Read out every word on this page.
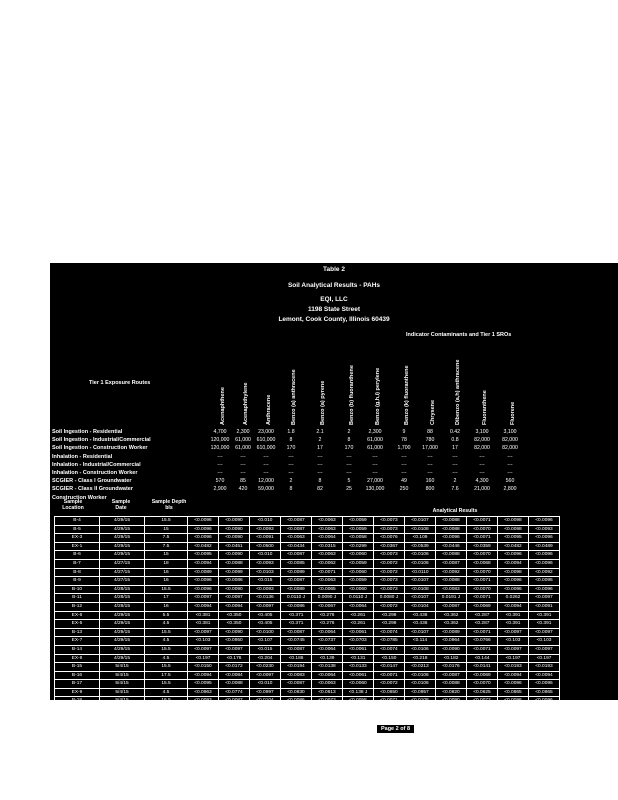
Table 2
Soil Analytical Results - PAHs
EQI, LLC
1198 State Street
Lemont, Cook County, Illinois 60439
Indicator Contaminants and Tier 1 SROs
Tier 1 Exposure Routes
Acenaphthene	Acenaphthylene	Anthracene	Benzo (a) anthracene	Benzo (a) pyrene	Benzo (b) fluoranthene	Benzo (g,h,i) perylene	Benzo (k) fluoranthene	Chrysene	Dibenzo (a,h) anthracene	Fluoranthene	Fluorene
Soil Ingestion - Residential	4,700	2,300	23,000	1.8	2.1	2	2,300	9	88	0.42	3,100	3,100
Soil Ingestion - Industrial/Commercial	120,000	61,000	610,000	8	2	8	61,000	78	780	0.8	82,000	82,000
Soil Ingestion - Construction Worker	120,000	61,000	610,000	170	17	170	61,000	1,700	17,000	17	82,000	82,000
Inhalation - Residential	---	---	---	---	---	---	---	---	---	---	---	---
Inhalation - Industrial/Commercial	---	---	---	---	---	---	---	---	---	---	---	---
Inhalation - Construction Worker	---	---	---	---	---	---	---	---	---	---	---	---
SCGIER - Class I Groundwater	570	85	12,000	2	8	5	27,000	49	160	2	4,300	560
SCGIER - Class II Groundwater	2,900	420	59,000	8	82	25	130,000	250	800	7.6	21,000	2,800
Construction Worker
Sample Location
Sample Date
Sample Depth bls	Analytical Results
B-4	4/29/15	15.5	<0.0096	<0.0090	<0.010	<0.0087	<0.0063	<0.0059	<0.0073	<0.0107	<0.0088	<0.0071	<0.0098	<0.0096
B-5	4/29/15	15	<0.0096	<0.0090	<0.0093	<0.0087	<0.0063	<0.0059	<0.0073	<0.0108	<0.0088	<0.0070	<0.0098	<0.0093
EX-3	4/29/15	7.5	<0.0096	<0.0090	<0.0091	<0.0063	<0.0064	<0.0058	<0.0076	<0.109	<0.0096	<0.0071	<0.0095	<0.0096
EX-1	4/29/15	7.5	<0.0482	<0.0451	<0.0500	<0.0434	<0.0315	<0.0299	<0.0367	<0.0539	<0.0446	<0.0359	<0.0482	<0.0489
B-6	4/29/15	15	<0.0095	<0.0090	<0.010	<0.0087	<0.0063	<0.0060	<0.0073	<0.0106	<0.0088	<0.0070	<0.0096	<0.0096
B-7	4/27/15	18	<0.0094	<0.0088	<0.0093	<0.0085	<0.0062	<0.0059	<0.0072	<0.0106	<0.0087	<0.0068	<0.0094	<0.0096
B-8	4/27/15	16	<0.0089	<0.0099	<0.0103	<0.0089	<0.0071	<0.0060	<0.0072	<0.0110	<0.0092	<0.0070	<0.0098	<0.0092
B-9	4/27/15	16	<0.0096	<0.0086	<0.015	<0.0087	<0.0063	<0.0059	<0.0073	<0.0107	<0.0088	<0.0071	<0.0096	<0.0095
B-10	4/28/15	15.5	<0.0096	<0.0090	<0.0093	<0.0089	<0.0065	<0.0060	<0.0073	<0.0108	<0.0083	<0.0070	<0.0096	<0.0096
B-11	4/28/15	17	<0.0097	<0.0097	<0.0136	0.0110 J	0.0090 J	0.0110 J	0.0080 J	<0.0107	0.0191 J	<0.0071	0.0262	<0.0097
B-12	4/28/15	16	<0.0094	<0.0094	<0.0097	<0.0086	<0.0067	<0.0064	<0.0072	<0.0104	<0.0087	<0.0069	<0.0094	<0.0091
EX-6	4/29/15	5.5	<0.381	<0.350	<0.405	<0.371	<0.276	<0.261	<0.298	<0.436	<0.362	<0.287	<0.391	<0.391
EX-5	4/29/15	4.5	<0.381	<0.350	<0.405	<0.371	<0.276	<0.261	<0.298	<0.436	<0.362	<0.287	<0.391	<0.391
B-13	4/29/15	15.5	<0.0097	<0.0090	<0.0100	<0.0087	<0.0064	<0.0061	<0.0074	<0.0107	<0.0089	<0.0071	<0.0097	<0.0097
EX-7	4/29/15	4.5	<0.103	<0.0950	<0.107	<0.0745	<0.0737	<0.0703	<0.0785	<0.114	<0.0964	<0.0766	<0.103	<0.103
B-14	4/29/15	15.5	<0.0097	<0.0097	<0.015	<0.0087	<0.0064	<0.0061	<0.0074	<0.0106	<0.0090	<0.0071	<0.0097	<0.0097
EX-8	4/29/15	4.5	<0.197	<0.176	<0.204	<0.186	<0.139	<0.131	<0.150	<0.218	<0.182	<0.144	<0.197	<0.197
B-15	5/4/15	15.5	<0.0150	<0.0172	<0.0230	<0.0194	<0.0138	<0.0133	<0.0147	<0.0213	<0.0176	<0.0141	<0.0193	<0.0193
B-16	5/4/15	17.5	<0.0094	<0.0084	<0.0097	<0.0083	<0.0064	<0.0061	<0.0071	<0.0106	<0.0087	<0.0069	<0.0094	<0.0094
B-17	5/4/15	15.5	<0.0095	<0.0088	<0.010	<0.0087	<0.0063	<0.0060	<0.0072	<0.0106	<0.0088	<0.0070	<0.0096	<0.0095
EX-9	5/4/15	4.5	<0.0963	<0.0774	<0.0997	<0.0830	<0.0613	<0.138 J	<0.0650	<0.0957	<0.0820	<0.0625	<0.0865	<0.0865
B-18	5/4/15	16.5	<0.0093	<0.0087	<0.0104	<0.0086	<0.0073	<0.0058	<0.0071	<0.0108	<0.0090	<0.0072	<0.0096	<0.0096
Page 2 of 8
